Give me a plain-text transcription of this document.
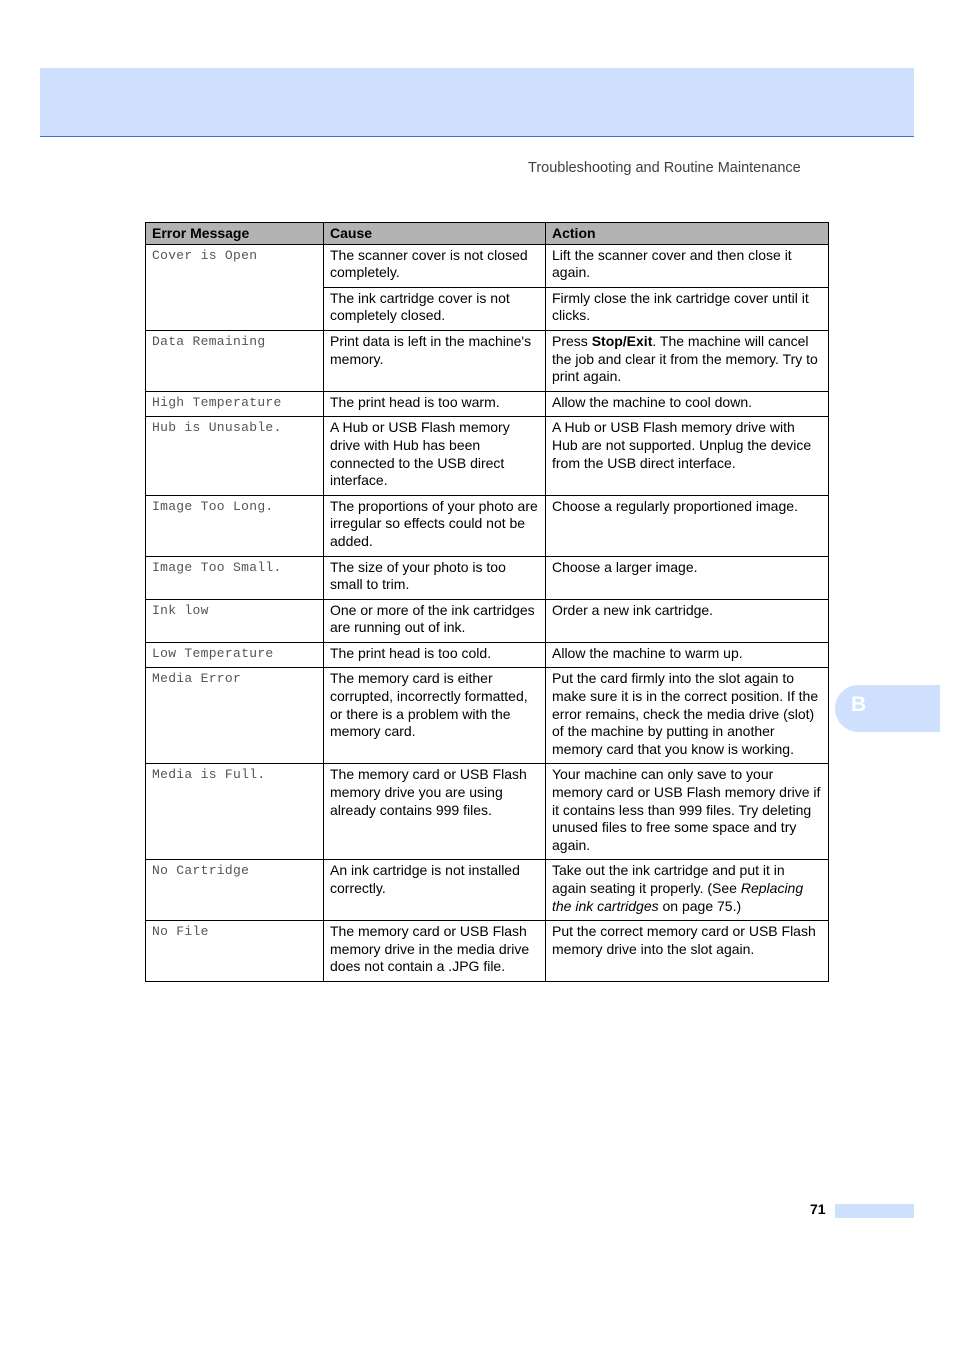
Troubleshooting and Routine Maintenance
Error Message	Cause	Action
Cover is Open	The scanner cover is not closed completely.	Lift the scanner cover and then close it again.
	The ink cartridge cover is not completely closed.	Firmly close the ink cartridge cover until it clicks.
Data Remaining	Print data is left in the machine's memory.	Press Stop/Exit. The machine will cancel the job and clear it from the memory. Try to print again.
High Temperature	The print head is too warm.	Allow the machine to cool down.
Hub is Unusable.	A Hub or USB Flash memory drive with Hub has been connected to the USB direct interface.	A Hub or USB Flash memory drive with Hub are not supported. Unplug the device from the USB direct interface.
Image Too Long.	The proportions of your photo are irregular so effects could not be added.	Choose a regularly proportioned image.
Image Too Small.	The size of your photo is too small to trim.	Choose a larger image.
Ink low	One or more of the ink cartridges are running out of ink.	Order a new ink cartridge.
Low Temperature	The print head is too cold.	Allow the machine to warm up.
Media Error	The memory card is either corrupted, incorrectly formatted, or there is a problem with the memory card.	Put the card firmly into the slot again to make sure it is in the correct position. If the error remains, check the media drive (slot) of the machine by putting in another memory card that you know is working.
Media is Full.	The memory card or USB Flash memory drive you are using already contains 999 files.	Your machine can only save to your memory card or USB Flash memory drive if it contains less than 999 files. Try deleting unused files to free some space and try again.
No Cartridge	An ink cartridge is not installed correctly.	Take out the ink cartridge and put it in again seating it properly. (See Replacing the ink cartridges on page 75.)
No File	The memory card or USB Flash memory drive in the media drive does not contain a .JPG file.	Put the correct memory card or USB Flash memory drive into the slot again.
B
71
